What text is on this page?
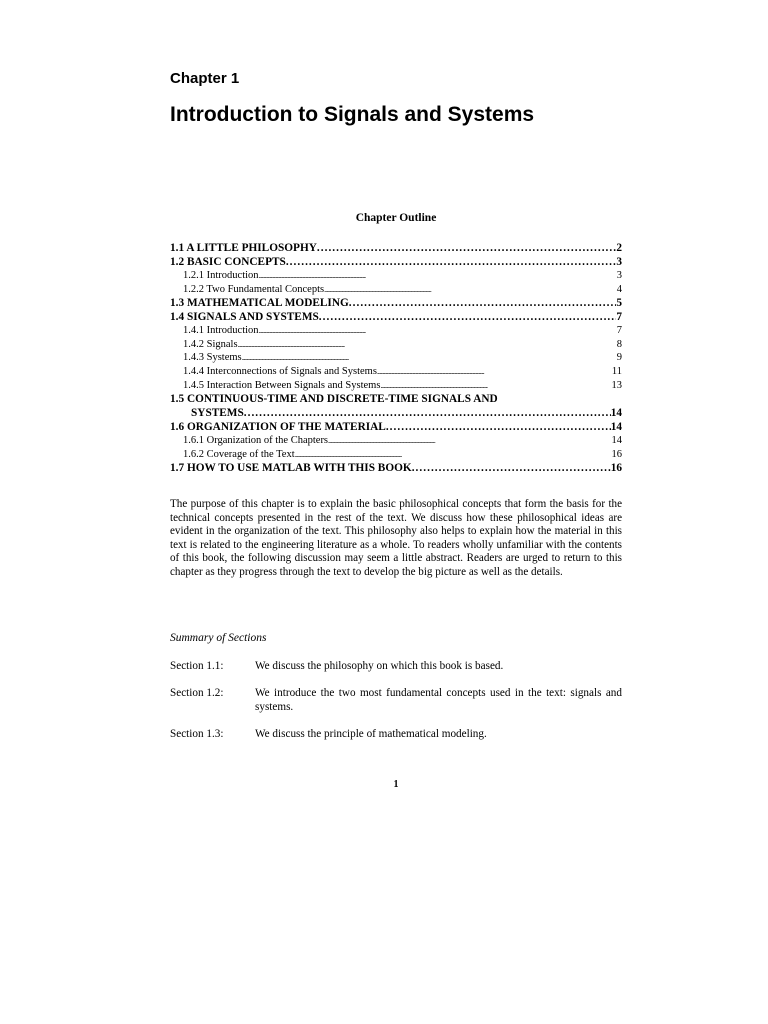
Chapter 1
Introduction to Signals and Systems
Chapter Outline
1.1 A LITTLE PHILOSOPHY . . .	2
1.2 BASIC CONCEPTS . . .	3
1.2.1 Introduction . . .	3
1.2.2 Two Fundamental Concepts . . .	4
1.3 MATHEMATICAL MODELING . . .	5
1.4 SIGNALS AND SYSTEMS . . .	7
1.4.1 Introduction . . .	7
1.4.2 Signals . . .	8
1.4.3 Systems . . .	9
1.4.4 Interconnections of Signals and Systems . . .	11
1.4.5 Interaction Between Signals and Systems . . .	13
1.5 CONTINUOUS-TIME AND DISCRETE-TIME SIGNALS AND
SYSTEMS . . .	14
1.6 ORGANIZATION OF THE MATERIAL . . .	14
1.6.1 Organization of the Chapters . . .	14
1.6.2 Coverage of the Text . . .	16
1.7 HOW TO USE MATLAB WITH THIS BOOK . . .	16

The purpose of this chapter is to explain the basic philosophical concepts that form the basis for the technical concepts presented in the rest of the text. We discuss how these philosophical ideas are evident in the organization of the text. This philosophy also helps to explain how the material in this text is related to the engineering literature as a whole. To readers wholly unfamiliar with the contents of this book, the following discussion may seem a little abstract. Readers are urged to return to this chapter as they progress through the text to develop the big picture as well as the details.

Summary of Sections
Section 1.1:	We discuss the philosophy on which this book is based.
Section 1.2:	We introduce the two most fundamental concepts used in the text: signals and systems.
Section 1.3:	We discuss the principle of mathematical modeling.
1
